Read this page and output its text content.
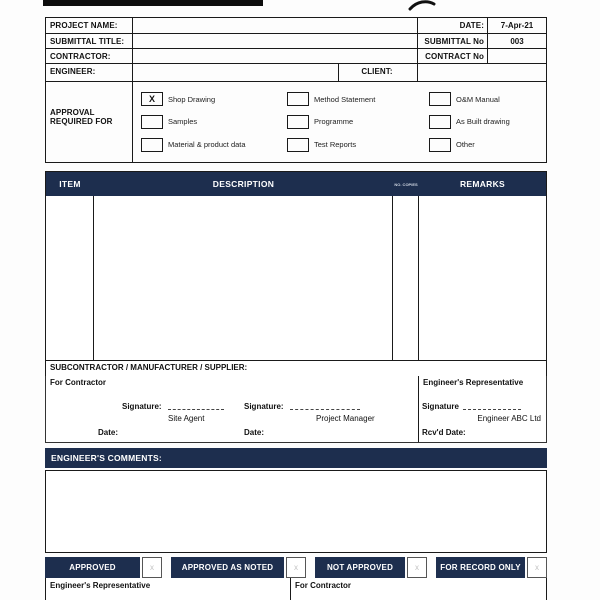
PROJECT NAME:	DATE:	7-Apr-21
SUBMITTAL TITLE:	SUBMITTAL No	003
CONTRACTOR:	CONTRACT No
ENGINEER:	CLIENT:
APPROVAL REQUIRED FOR
X	Shop Drawing
Samples
Material & product data
Method Statement
Programme
Test Reports
O&M Manual
As Built drawing
Other
ITEM	DESCRIPTION	NO. COPIES	REMARKS
SUBCONTRACTOR / MANUFACTURER / SUPPLIER:
For Contractor
Signature:
Site Agent
Signature:
Project Manager
Date:	Date:
Engineer's Representative
Signature
Engineer ABC Ltd
Rcv'd Date:
ENGINEER'S COMMENTS:
APPROVED	x	APPROVED AS NOTED	x	NOT APPROVED	x	FOR RECORD ONLY	x
Engineer's Representative	For Contractor
